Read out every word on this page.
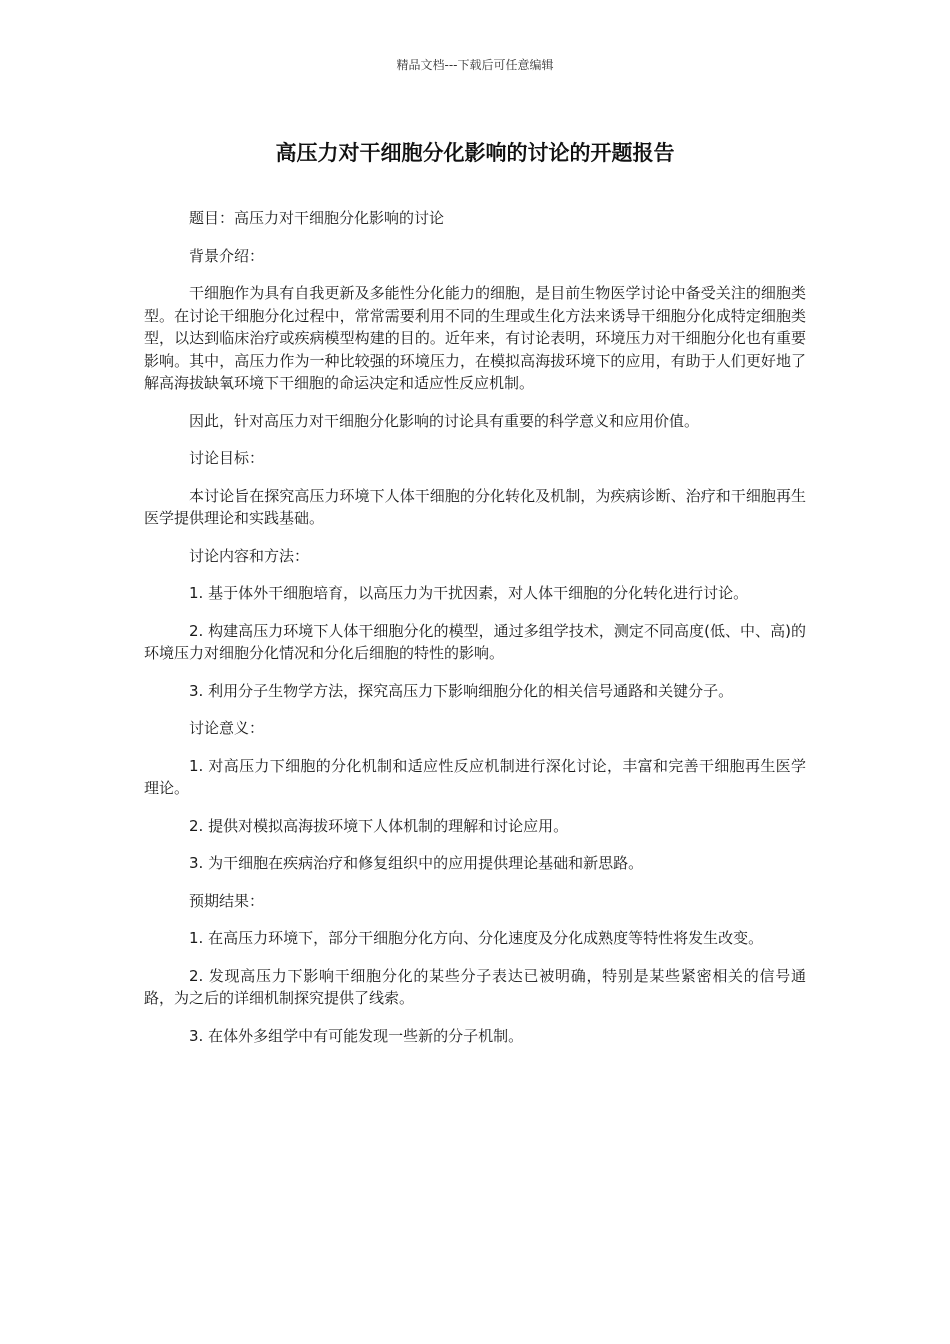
精品文档---下载后可任意编辑
高压力对干细胞分化影响的讨论的开题报告

题目：高压力对干细胞分化影响的讨论

背景介绍：

干细胞作为具有自我更新及多能性分化能力的细胞，是目前生物医学讨论中备受关注的细胞类型。在讨论干细胞分化过程中，常常需要利用不同的生理或生化方法来诱导干细胞分化成特定细胞类型，以达到临床治疗或疾病模型构建的目的。近年来，有讨论表明，环境压力对干细胞分化也有重要影响。其中，高压力作为一种比较强的环境压力，在模拟高海拔环境下的应用，有助于人们更好地了解高海拔缺氧环境下干细胞的命运决定和适应性反应机制。

因此，针对高压力对干细胞分化影响的讨论具有重要的科学意义和应用价值。

讨论目标：

本讨论旨在探究高压力环境下人体干细胞的分化转化及机制，为疾病诊断、治疗和干细胞再生医学提供理论和实践基础。

讨论内容和方法：

1. 基于体外干细胞培育，以高压力为干扰因素，对人体干细胞的分化转化进行讨论。

2. 构建高压力环境下人体干细胞分化的模型，通过多组学技术，测定不同高度(低、中、高)的环境压力对细胞分化情况和分化后细胞的特性的影响。

3. 利用分子生物学方法，探究高压力下影响细胞分化的相关信号通路和关键分子。

讨论意义：

1. 对高压力下细胞的分化机制和适应性反应机制进行深化讨论，丰富和完善干细胞再生医学理论。

2. 提供对模拟高海拔环境下人体机制的理解和讨论应用。

3. 为干细胞在疾病治疗和修复组织中的应用提供理论基础和新思路。

预期结果：

1. 在高压力环境下，部分干细胞分化方向、分化速度及分化成熟度等特性将发生改变。

2. 发现高压力下影响干细胞分化的某些分子表达已被明确，特别是某些紧密相关的信号通路，为之后的详细机制探究提供了线索。

3. 在体外多组学中有可能发现一些新的分子机制。
